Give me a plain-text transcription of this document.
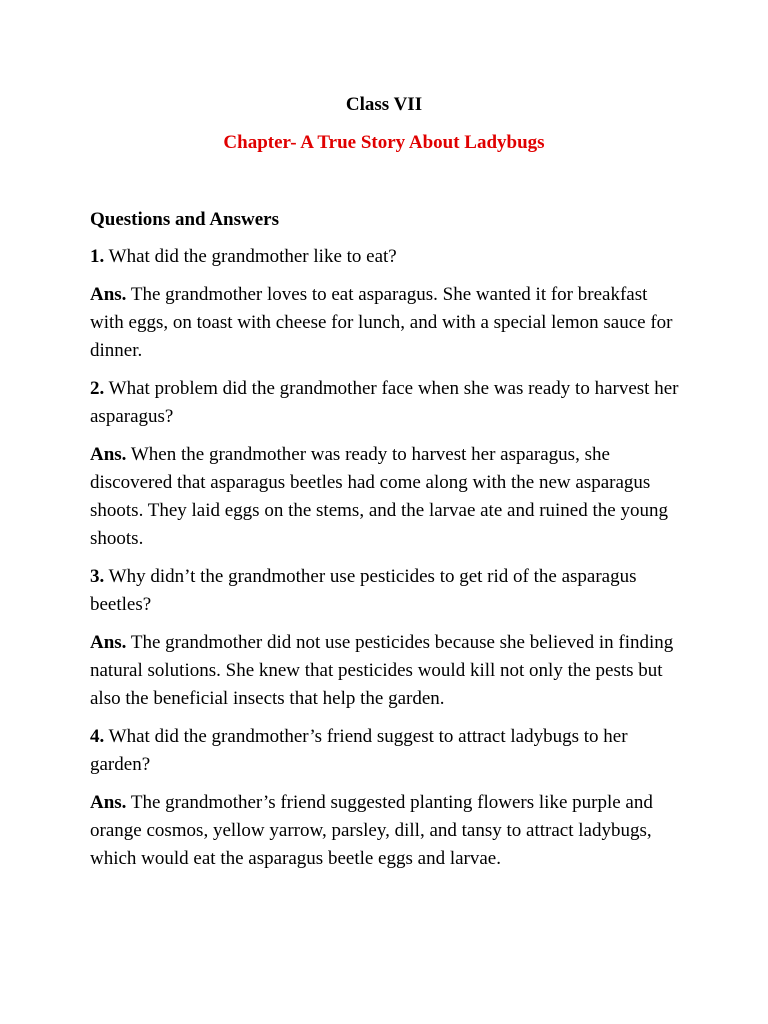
Class VII
Chapter- A True Story About Ladybugs
Questions and Answers

1. What did the grandmother like to eat?

Ans. The grandmother loves to eat asparagus. She wanted it for breakfast with eggs, on toast with cheese for lunch, and with a special lemon sauce for dinner.

2. What problem did the grandmother face when she was ready to harvest her asparagus?

Ans. When the grandmother was ready to harvest her asparagus, she discovered that asparagus beetles had come along with the new asparagus shoots. They laid eggs on the stems, and the larvae ate and ruined the young shoots.

3. Why didn’t the grandmother use pesticides to get rid of the asparagus beetles?

Ans. The grandmother did not use pesticides because she believed in finding natural solutions. She knew that pesticides would kill not only the pests but also the beneficial insects that help the garden.

4. What did the grandmother’s friend suggest to attract ladybugs to her garden?

Ans. The grandmother’s friend suggested planting flowers like purple and orange cosmos, yellow yarrow, parsley, dill, and tansy to attract ladybugs, which would eat the asparagus beetle eggs and larvae.
